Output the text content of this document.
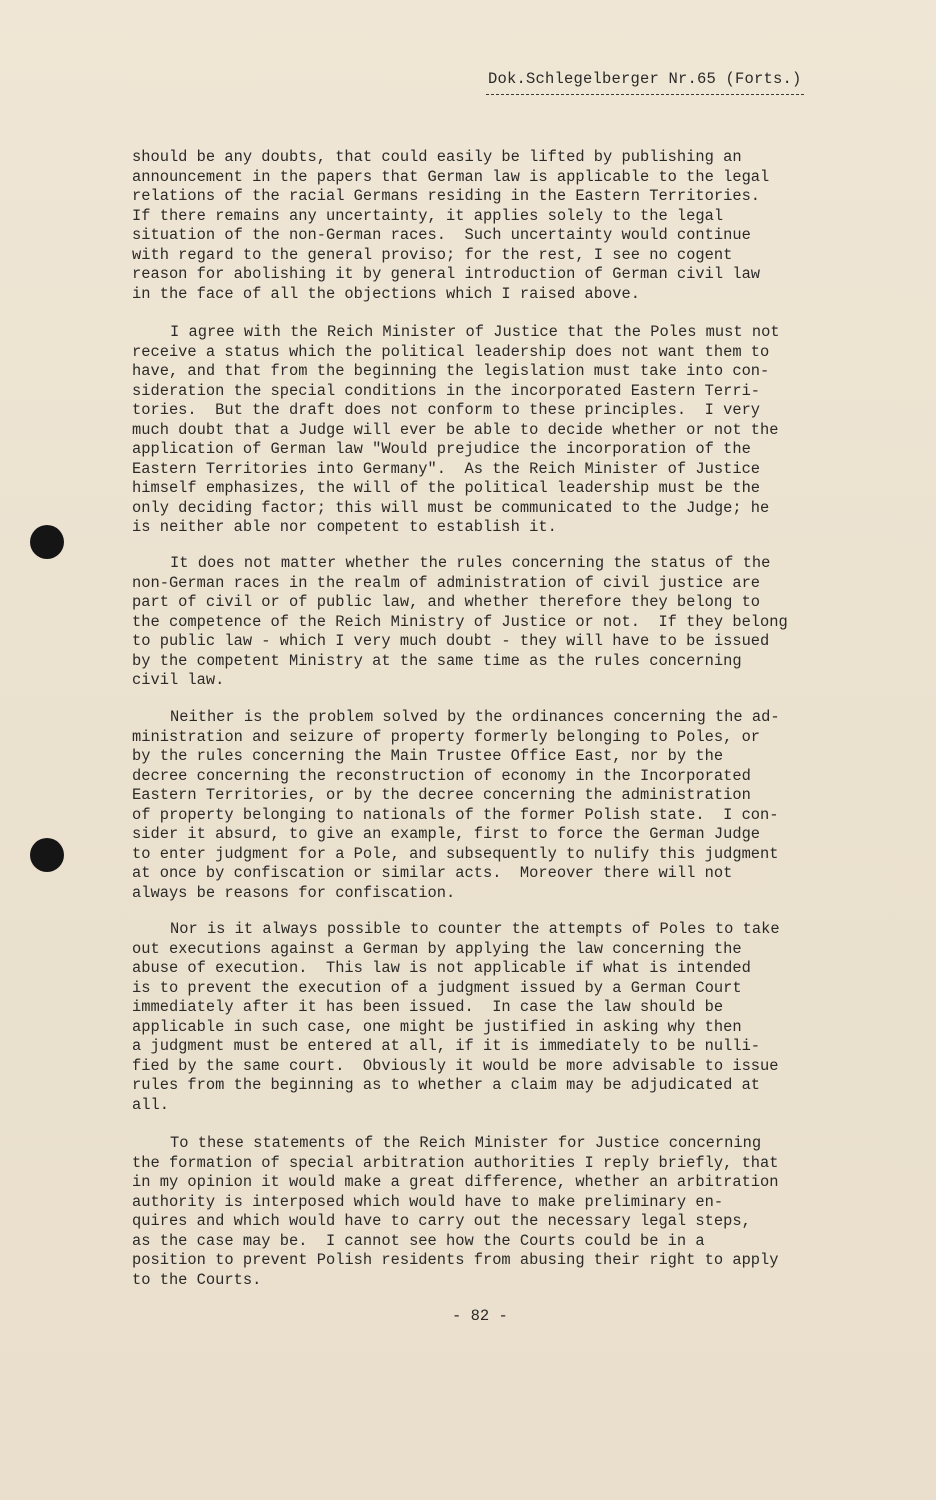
Dok.Schlegelberger Nr.65 (Forts.)
should be any doubts, that could easily be lifted by publishing an
announcement in the papers that German law is applicable to the legal
relations of the racial Germans residing in the Eastern Territories.
If there remains any uncertainty, it applies solely to the legal
situation of the non-German races.  Such uncertainty would continue
with regard to the general proviso; for the rest, I see no cogent
reason for abolishing it by general introduction of German civil law
in the face of all the objections which I raised above.
I agree with the Reich Minister of Justice that the Poles must not
receive a status which the political leadership does not want them to
have, and that from the beginning the legislation must take into con-
sideration the special conditions in the incorporated Eastern Terri-
tories.  But the draft does not conform to these principles.  I very
much doubt that a Judge will ever be able to decide whether or not the
application of German law "Would prejudice the incorporation of the
Eastern Territories into Germany".  As the Reich Minister of Justice
himself emphasizes, the will of the political leadership must be the
only deciding factor; this will must be communicated to the Judge; he
is neither able nor competent to establish it.
It does not matter whether the rules concerning the status of the
non-German races in the realm of administration of civil justice are
part of civil or of public law, and whether therefore they belong to
the competence of the Reich Ministry of Justice or not.  If they belong
to public law - which I very much doubt - they will have to be issued
by the competent Ministry at the same time as the rules concerning
civil law.
Neither is the problem solved by the ordinances concerning the ad-
ministration and seizure of property formerly belonging to Poles, or
by the rules concerning the Main Trustee Office East, nor by the
decree concerning the reconstruction of economy in the Incorporated
Eastern Territories, or by the decree concerning the administration
of property belonging to nationals of the former Polish state.  I con-
sider it absurd, to give an example, first to force the German Judge
to enter judgment for a Pole, and subsequently to nulify this judgment
at once by confiscation or similar acts.  Moreover there will not
always be reasons for confiscation.
Nor is it always possible to counter the attempts of Poles to take
out executions against a German by applying the law concerning the
abuse of execution.  This law is not applicable if what is intended
is to prevent the execution of a judgment issued by a German Court
immediately after it has been issued.  In case the law should be
applicable in such case, one might be justified in asking why then
a judgment must be entered at all, if it is immediately to be nulli-
fied by the same court.  Obviously it would be more advisable to issue
rules from the beginning as to whether a claim may be adjudicated at
all.
To these statements of the Reich Minister for Justice concerning
the formation of special arbitration authorities I reply briefly, that
in my opinion it would make a great difference, whether an arbitration
authority is interposed which would have to make preliminary en-
quires and which would have to carry out the necessary legal steps,
as the case may be.  I cannot see how the Courts could be in a
position to prevent Polish residents from abusing their right to apply
to the Courts.
- 82 -
